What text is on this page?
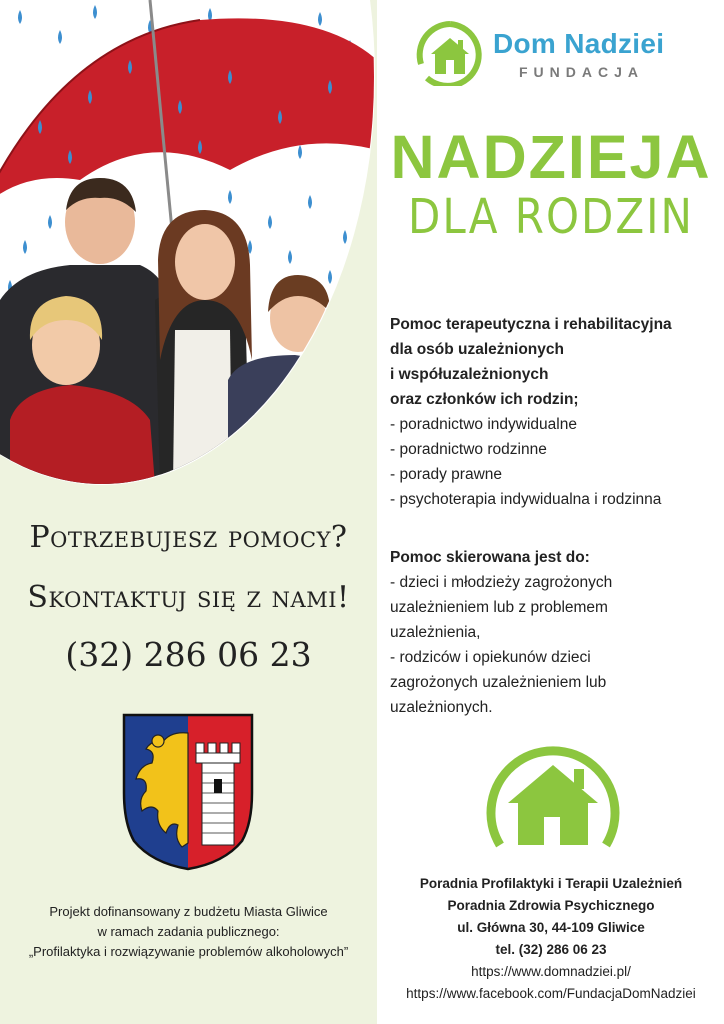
Potrzebujesz pomocy?
Skontaktuj się z nami!
(32) 286 06 23
Projekt dofinansowany z budżetu Miasta Gliwice
w ramach zadania publicznego:
„Profilaktyka i rozwiązywanie problemów alkoholowych”
Dom Nadziei
FUNDACJA
NADZIEJA
DLA RODZIN
Pomoc terapeutyczna i rehabilitacyjna
dla osób uzależnionych
i współuzależnionych
oraz członków ich rodzin;
- poradnictwo indywidualne
- poradnictwo rodzinne
- porady prawne
- psychoterapia indywidualna i rodzinna
Pomoc skierowana jest do:
- dzieci i młodzieży zagrożonych
uzależnieniem lub z problemem
uzależnienia,
- rodziców i opiekunów dzieci
zagrożonych uzależnieniem lub
uzależnionych.
Poradnia Profilaktyki i Terapii Uzależnień
Poradnia Zdrowia Psychicznego
ul. Główna 30, 44-109 Gliwice
tel. (32) 286 06 23
https://www.domnadziei.pl/
https://www.facebook.com/FundacjaDomNadziei
